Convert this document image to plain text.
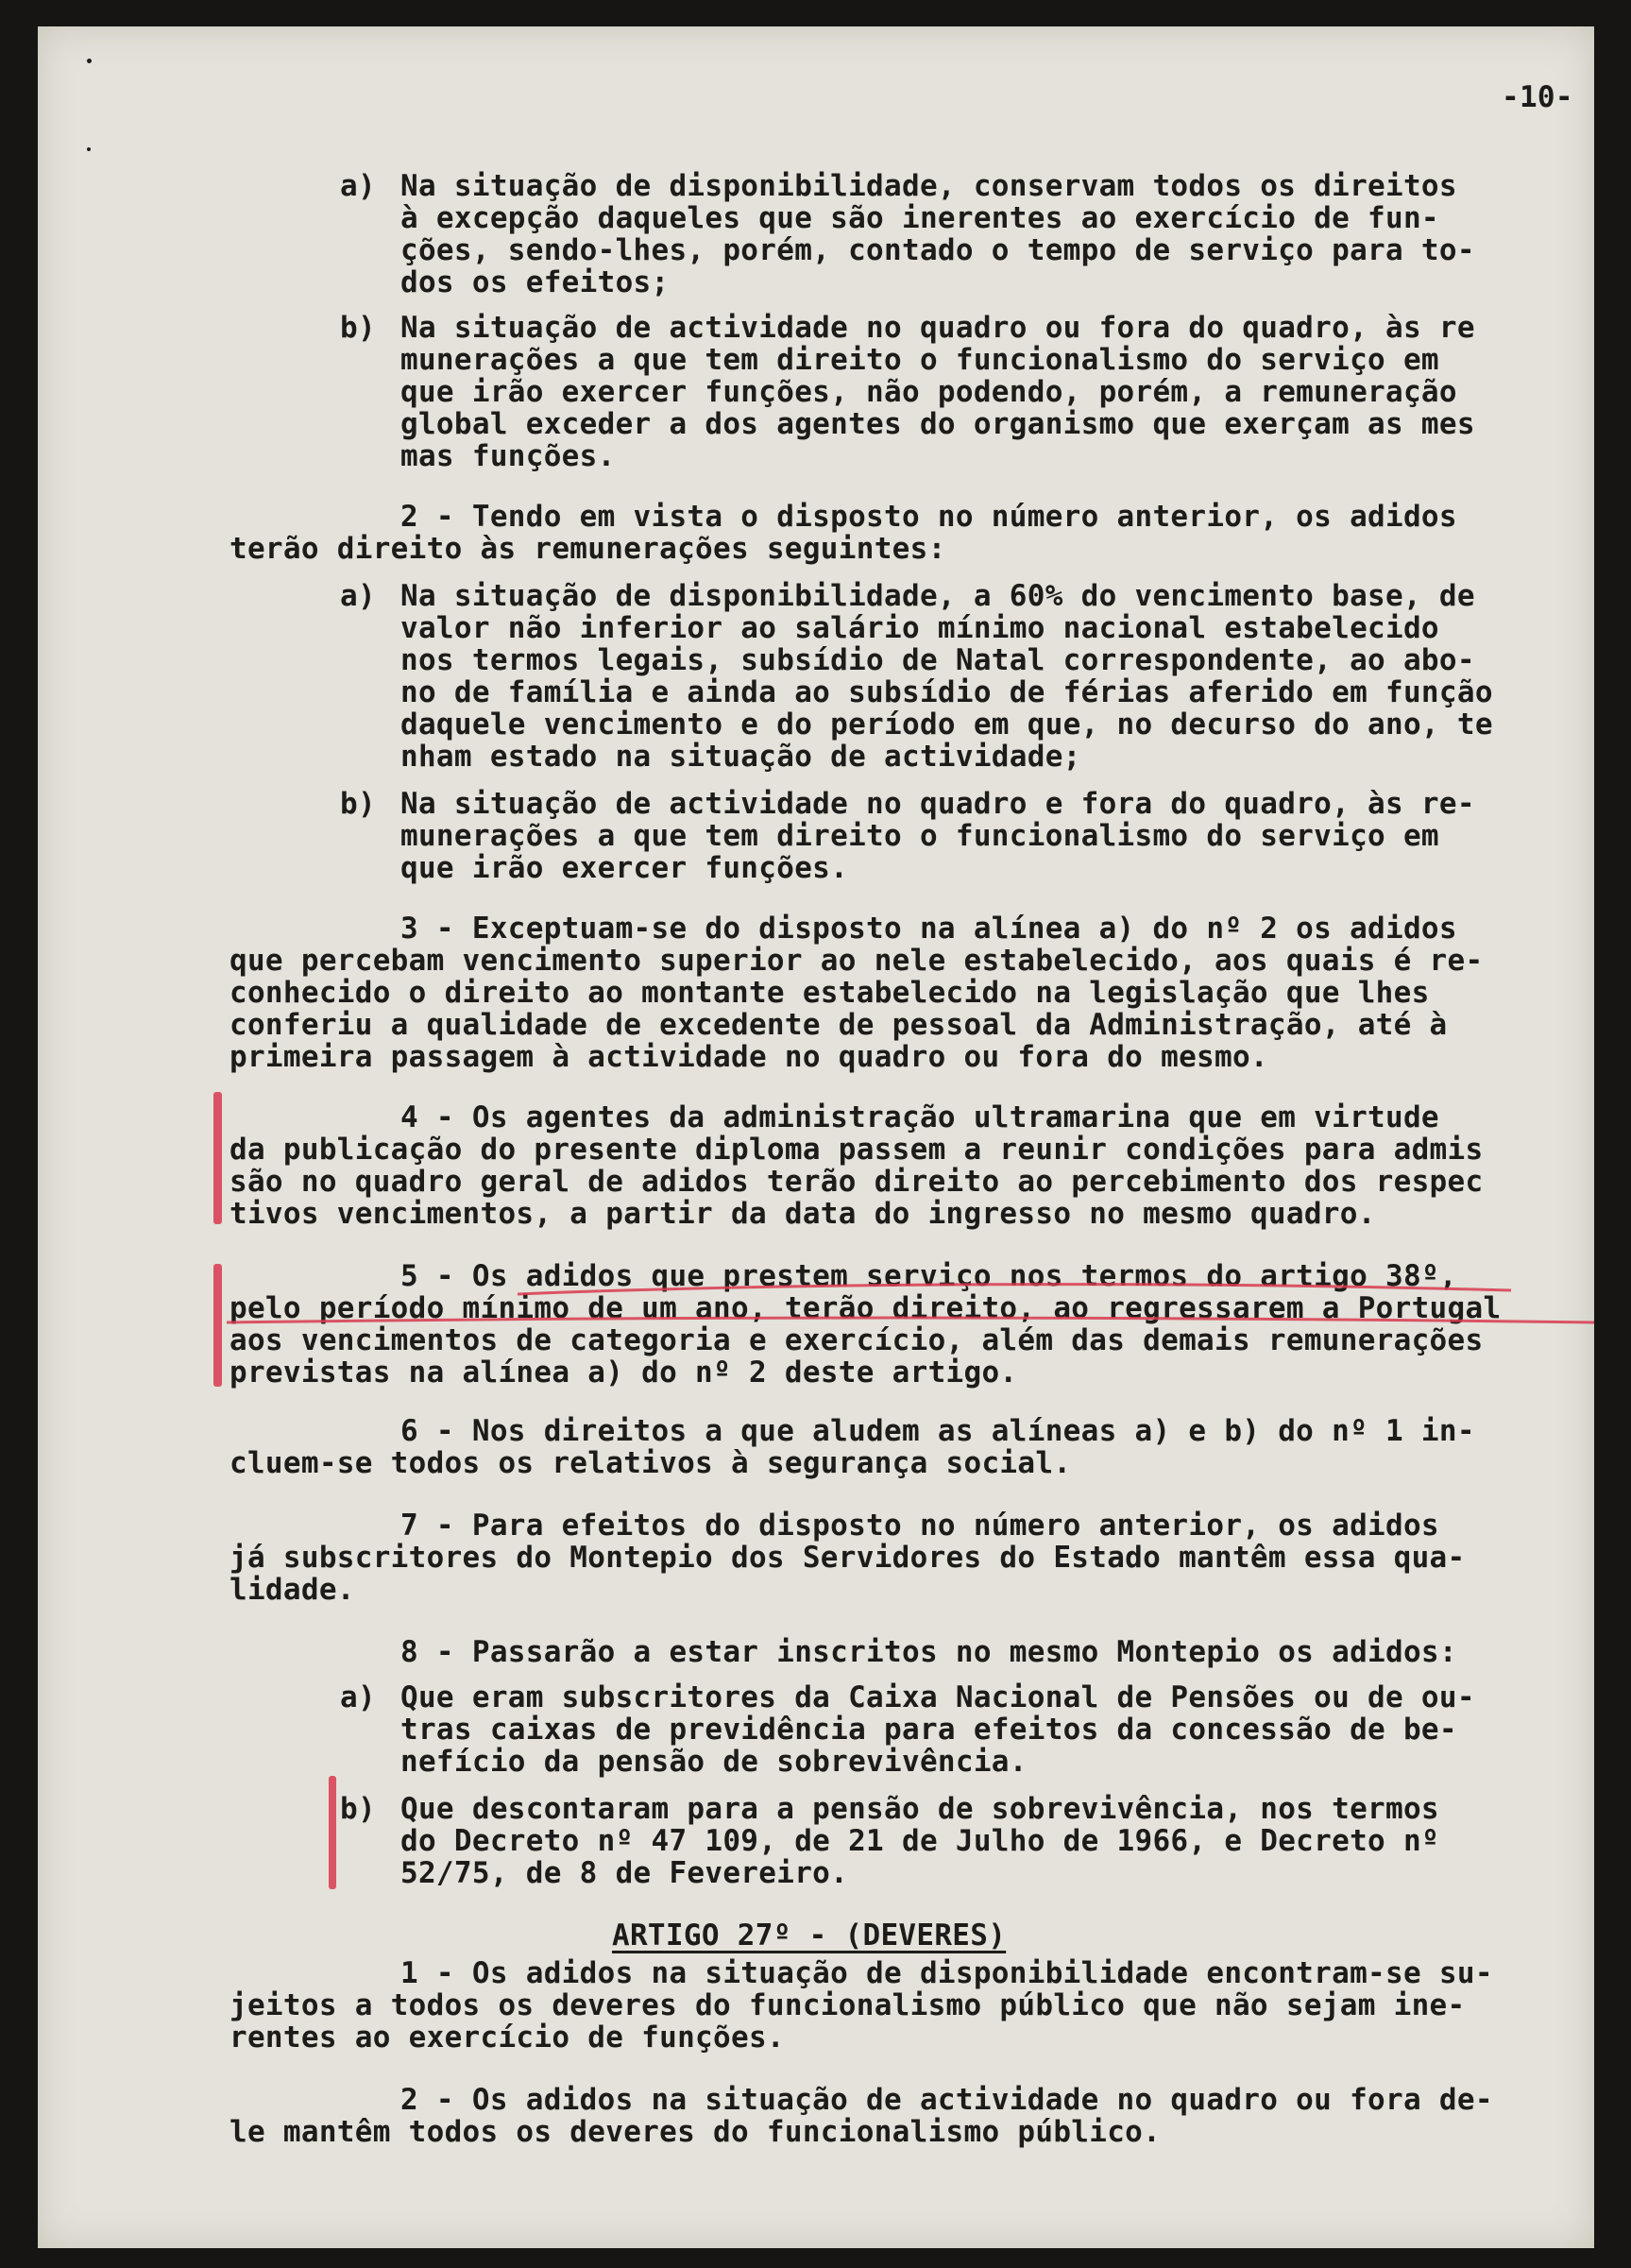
-10-
a) Na situação de disponibilidade, conservam todos os direitos
à excepção daqueles que são inerentes ao exercício de fun-
ções, sendo-lhes, porém, contado o tempo de serviço para to-
dos os efeitos;
b) Na situação de actividade no quadro ou fora do quadro, às re
munerações a que tem direito o funcionalismo do serviço em
que irão exercer funções, não podendo, porém, a remuneração
global exceder a dos agentes do organismo que exerçam as mes
mas funções.
2 - Tendo em vista o disposto no número anterior, os adidos
terão direito às remunerações seguintes:
a) Na situação de disponibilidade, a 60% do vencimento base, de
valor não inferior ao salário mínimo nacional estabelecido
nos termos legais, subsídio de Natal correspondente, ao abo-
no de família e ainda ao subsídio de férias aferido em função
daquele vencimento e do período em que, no decurso do ano, te
nham estado na situação de actividade;
b) Na situação de actividade no quadro e fora do quadro, às re-
munerações a que tem direito o funcionalismo do serviço em
que irão exercer funções.
3 - Exceptuam-se do disposto na alínea a) do nº 2 os adidos
que percebam vencimento superior ao nele estabelecido, aos quais é re-
conhecido o direito ao montante estabelecido na legislação que lhes
conferiu a qualidade de excedente de pessoal da Administração, até à
primeira passagem à actividade no quadro ou fora do mesmo.
4 - Os agentes da administração ultramarina que em virtude
da publicação do presente diploma passem a reunir condições para admis
são no quadro geral de adidos terão direito ao percebimento dos respec
tivos vencimentos, a partir da data do ingresso no mesmo quadro.
5 - Os adidos que prestem serviço nos termos do artigo 38º,
pelo período mínimo de um ano, terão direito, ao regressarem a Portugal
aos vencimentos de categoria e exercício, além das demais remunerações
previstas na alínea a) do nº 2 deste artigo.
6 - Nos direitos a que aludem as alíneas a) e b) do nº 1 in-
cluem-se todos os relativos à segurança social.
7 - Para efeitos do disposto no número anterior, os adidos
já subscritores do Montepio dos Servidores do Estado mantêm essa qua-
lidade.
8 - Passarão a estar inscritos no mesmo Montepio os adidos:
a) Que eram subscritores da Caixa Nacional de Pensões ou de ou-
tras caixas de previdência para efeitos da concessão de be-
nefício da pensão de sobrevivência.
b) Que descontaram para a pensão de sobrevivência, nos termos
do Decreto nº 47 109, de 21 de Julho de 1966, e Decreto nº
52/75, de 8 de Fevereiro.
ARTIGO 27º - (DEVERES)
1 - Os adidos na situação de disponibilidade encontram-se su-
jeitos a todos os deveres do funcionalismo público que não sejam ine-
rentes ao exercício de funções.
2 - Os adidos na situação de actividade no quadro ou fora de-
le mantêm todos os deveres do funcionalismo público.
